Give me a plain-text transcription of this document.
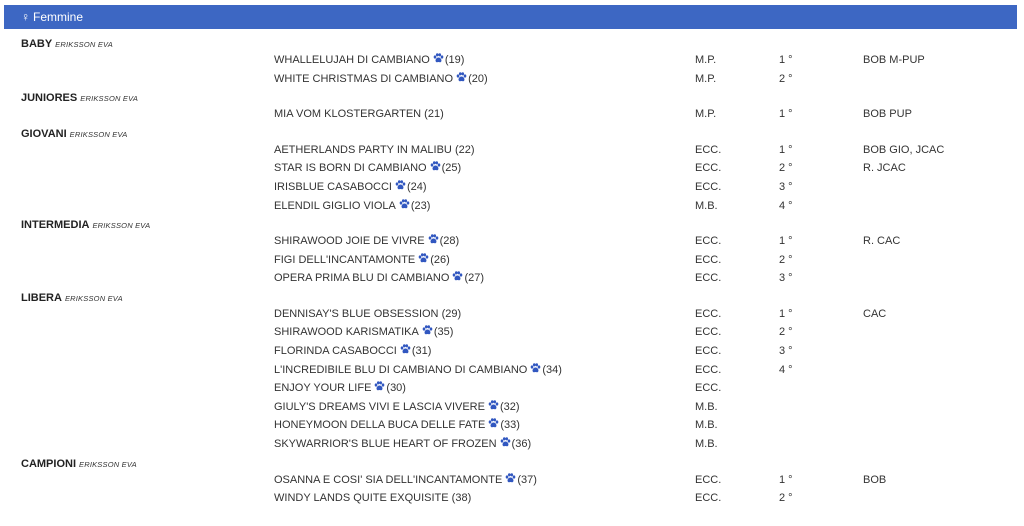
♀ Femmine
BABY ERIKSSON EVA
WHALLELUJAH DI CAMBIANO (19)	M.P.	1 °	BOB M-PUP
WHITE CHRISTMAS DI CAMBIANO (20)	M.P.	2 °
JUNIORES ERIKSSON EVA
MIA VOM KLOSTERGARTEN (21)	M.P.	1 °	BOB PUP
GIOVANI ERIKSSON EVA
AETHERLANDS PARTY IN MALIBU (22)	ECC.	1 °	BOB GIO, JCAC
STAR IS BORN DI CAMBIANO (25)	ECC.	2 °	R. JCAC
IRISBLUE CASABOCCI (24)	ECC.	3 °
ELENDIL GIGLIO VIOLA (23)	M.B.	4 °
INTERMEDIA ERIKSSON EVA
SHIRAWOOD JOIE DE VIVRE (28)	ECC.	1 °	R. CAC
FIGI DELL'INCANTAMONTE (26)	ECC.	2 °
OPERA PRIMA BLU DI CAMBIANO (27)	ECC.	3 °
LIBERA ERIKSSON EVA
DENNISAY'S BLUE OBSESSION (29)	ECC.	1 °	CAC
SHIRAWOOD KARISMATIKA (35)	ECC.	2 °
FLORINDA CASABOCCI (31)	ECC.	3 °
L'INCREDIBILE BLU DI CAMBIANO DI CAMBIANO (34)	ECC.	4 °
ENJOY YOUR LIFE (30)	ECC.
GIULY'S DREAMS VIVI E LASCIA VIVERE (32)	M.B.
HONEYMOON DELLA BUCA DELLE FATE (33)	M.B.
SKYWARRIOR'S BLUE HEART OF FROZEN (36)	M.B.
CAMPIONI ERIKSSON EVA
OSANNA E COSI' SIA DELL'INCANTAMONTE (37)	ECC.	1 °	BOB
WINDY LANDS QUITE EXQUISITE (38)	ECC.	2 °
